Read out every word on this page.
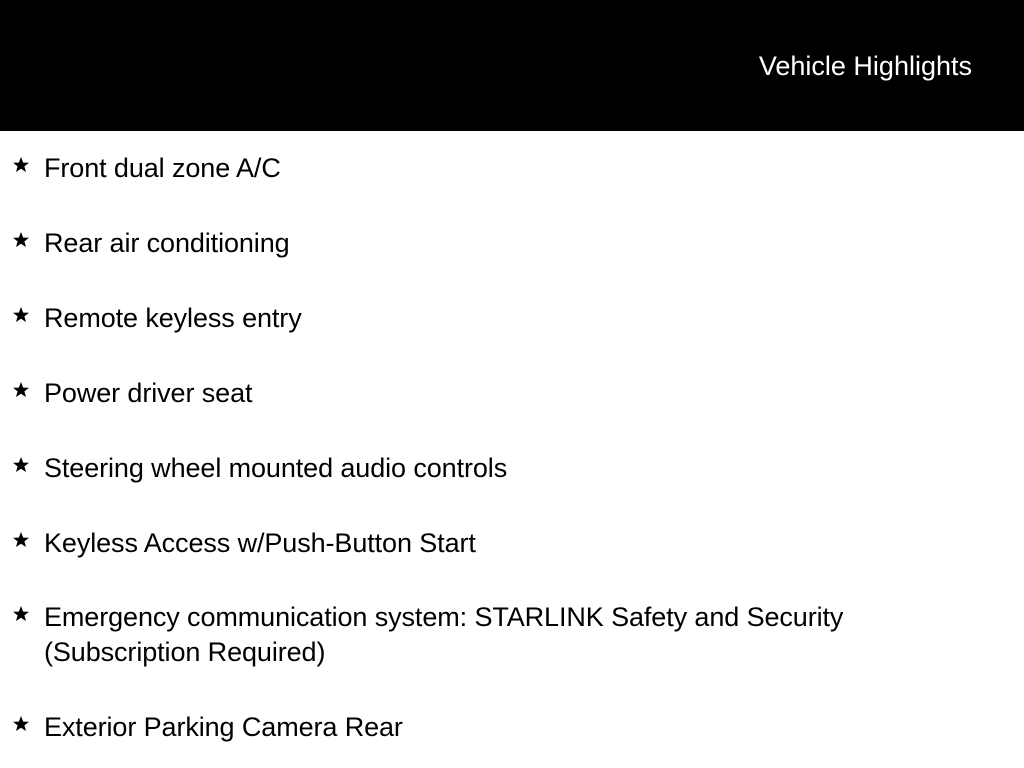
Vehicle Highlights
Front dual zone A/C
Rear air conditioning
Remote keyless entry
Power driver seat
Steering wheel mounted audio controls
Keyless Access w/Push-Button Start
Emergency communication system: STARLINK Safety and Security (Subscription Required)
Exterior Parking Camera Rear
